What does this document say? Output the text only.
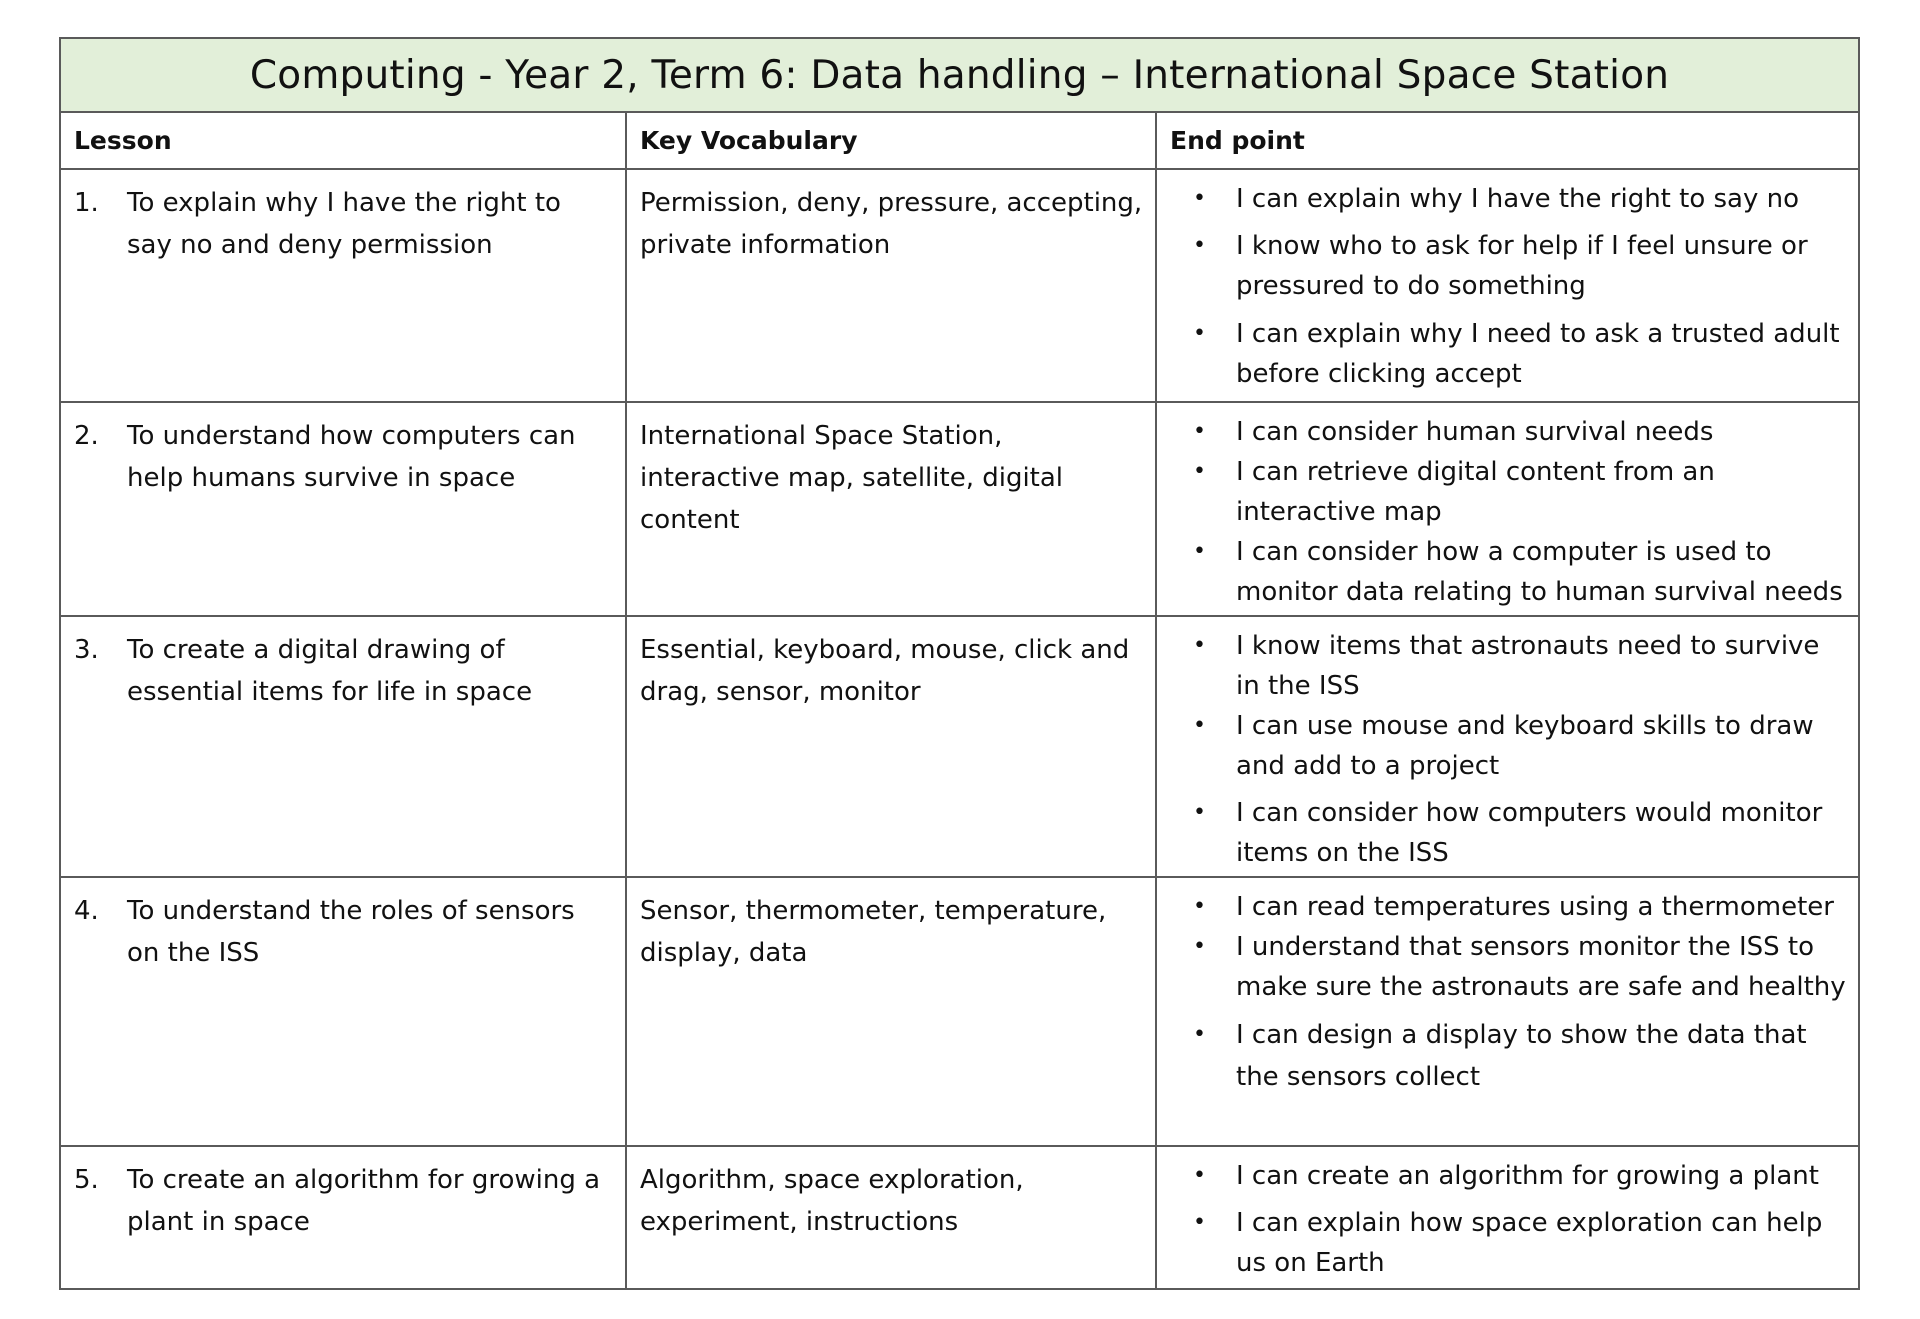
Computing - Year 2, Term 6: Data handling – International Space Station		
Lesson	Key Vocabulary	End point

1.	To explain why I have the right to say no and deny permission
	Permission, deny, pressure, accepting, private information	
•	I can explain why I have the right to say no
•	I know who to ask for help if I feel unsure or pressured to do something
•	I can explain why I need to ask a trusted adult before clicking accept

2.	To understand how computers can help humans survive in space
	International Space Station, interactive map, satellite, digital content	
•	I can consider human survival needs
•	I can retrieve digital content from an interactive map
•	I can consider how a computer is used to monitor data relating to human survival needs

3.	To create a digital drawing of essential items for life in space
	Essential, keyboard, mouse, click and drag, sensor, monitor	
•	I know items that astronauts need to survive in the ISS
•	I can use mouse and keyboard skills to draw and add to a project
•	I can consider how computers would monitor items on the ISS

4.	To understand the roles of sensors on the ISS
	Sensor, thermometer, temperature, display, data	
•	I can read temperatures using a thermometer
•	I understand that sensors monitor the ISS to make sure the astronauts are safe and healthy
•	I can design a display to show the data that the sensors collect

5.	To create an algorithm for growing a plant in space
	Algorithm, space exploration, experiment, instructions	
•	I can create an algorithm for growing a plant
•	I can explain how space exploration can help us on Earth
